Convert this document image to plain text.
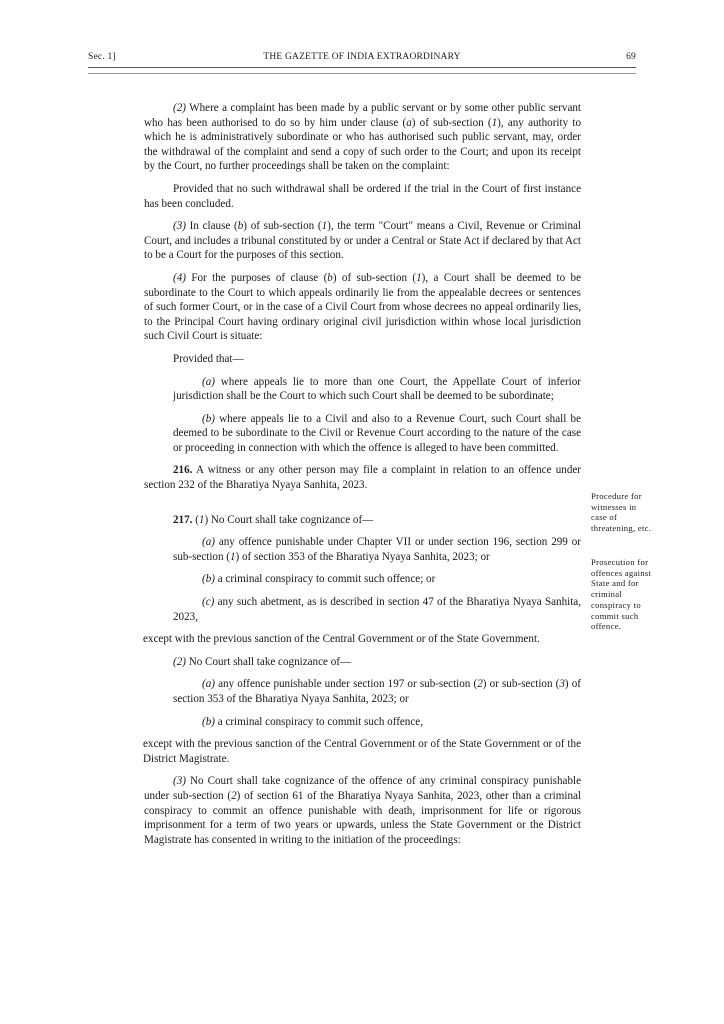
Sec. 1]	THE GAZETTE OF INDIA EXTRAORDINARY	69

(2) Where a complaint has been made by a public servant or by some other public servant who has been authorised to do so by him under clause (a) of sub-section (1), any authority to which he is administratively subordinate or who has authorised such public servant, may, order the withdrawal of the complaint and send a copy of such order to the Court; and upon its receipt by the Court, no further proceedings shall be taken on the complaint:

Provided that no such withdrawal shall be ordered if the trial in the Court of first instance has been concluded.

(3) In clause (b) of sub-section (1), the term "Court" means a Civil, Revenue or Criminal Court, and includes a tribunal constituted by or under a Central or State Act if declared by that Act to be a Court for the purposes of this section.

(4) For the purposes of clause (b) of sub-section (1), a Court shall be deemed to be subordinate to the Court to which appeals ordinarily lie from the appealable decrees or sentences of such former Court, or in the case of a Civil Court from whose decrees no appeal ordinarily lies, to the Principal Court having ordinary original civil jurisdiction within whose local jurisdiction such Civil Court is situate:

Provided that—

(a) where appeals lie to more than one Court, the Appellate Court of inferior jurisdiction shall be the Court to which such Court shall be deemed to be subordinate;

(b) where appeals lie to a Civil and also to a Revenue Court, such Court shall be deemed to be subordinate to the Civil or Revenue Court according to the nature of the case or proceeding in connection with which the offence is alleged to have been committed.

216. A witness or any other person may file a complaint in relation to an offence under section 232 of the Bharatiya Nyaya Sanhita, 2023.

217. (1) No Court shall take cognizance of—

(a) any offence punishable under Chapter VII or under section 196, section 299 or sub-section (1) of section 353 of the Bharatiya Nyaya Sanhita, 2023; or

(b) a criminal conspiracy to commit such offence; or

(c) any such abetment, as is described in section 47 of the Bharatiya Nyaya Sanhita, 2023,

except with the previous sanction of the Central Government or of the State Government.

(2) No Court shall take cognizance of—

(a) any offence punishable under section 197 or sub-section (2) or sub-section (3) of section 353 of the Bharatiya Nyaya Sanhita, 2023; or

(b) a criminal conspiracy to commit such offence,

except with the previous sanction of the Central Government or of the State Government or of the District Magistrate.

(3) No Court shall take cognizance of the offence of any criminal conspiracy punishable under sub-section (2) of section 61 of the Bharatiya Nyaya Sanhita, 2023, other than a criminal conspiracy to commit an offence punishable with death, imprisonment for life or rigorous imprisonment for a term of two years or upwards, unless the State Government or the District Magistrate has consented in writing to the initiation of the proceedings:

Procedure for witnesses in case of threatening, etc.
Prosecution for offences against State and for criminal conspiracy to commit such offence.
